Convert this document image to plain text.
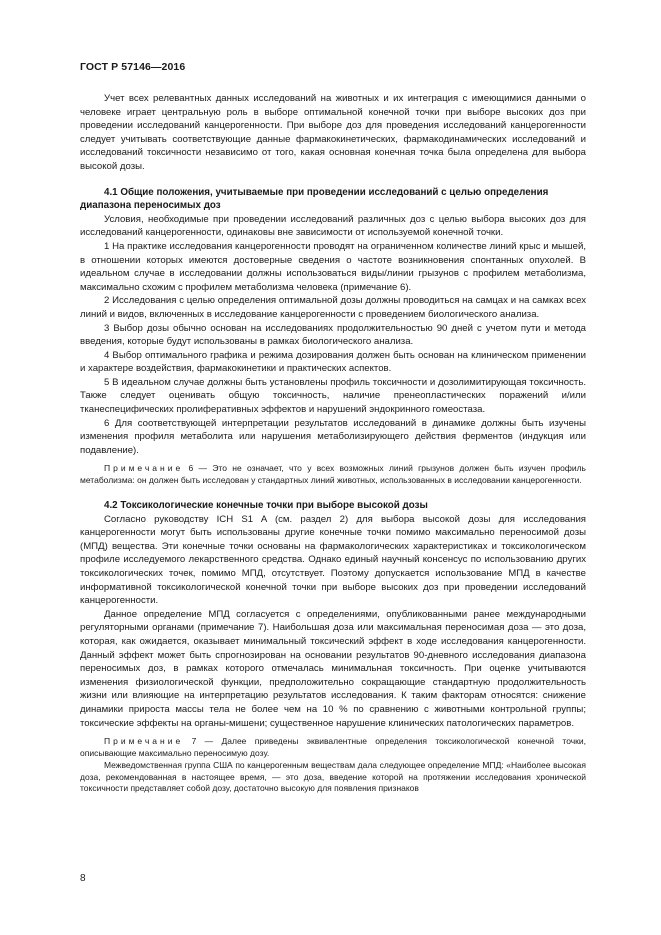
ГОСТ Р 57146—2016

Учет всех релевантных данных исследований на животных и их интеграция с имеющимися данными о человеке играет центральную роль в выборе оптимальной конечной точки при выборе высоких доз при проведении исследований канцерогенности. При выборе доз для проведения исследований канцерогенности следует учитывать соответствующие данные фармакокинетических, фармакодинамических исследований и исследований токсичности независимо от того, какая основная конечная точка была определена для выбора высокой дозы.

4.1 Общие положения, учитываемые при проведении исследований с целью определения диапазона переносимых доз

Условия, необходимые при проведении исследований различных доз с целью выбора высоких доз для исследований канцерогенности, одинаковы вне зависимости от используемой конечной точки.

1 На практике исследования канцерогенности проводят на ограниченном количестве линий крыс и мышей, в отношении которых имеются достоверные сведения о частоте возникновения спонтанных опухолей. В идеальном случае в исследовании должны использоваться виды/линии грызунов с профилем метаболизма, максимально схожим с профилем метаболизма человека (примечание 6).

2 Исследования с целью определения оптимальной дозы должны проводиться на самцах и на самках всех линий и видов, включенных в исследование канцерогенности с проведением биологического анализа.

3 Выбор дозы обычно основан на исследованиях продолжительностью 90 дней с учетом пути и метода введения, которые будут использованы в рамках биологического анализа.

4 Выбор оптимального графика и режима дозирования должен быть основан на клиническом применении и характере воздействия, фармакокинетики и практических аспектов.

5 В идеальном случае должны быть установлены профиль токсичности и дозолимитирующая токсичность. Также следует оценивать общую токсичность, наличие пренеопластических поражений и/или тканеспецифических пролиферативных эффектов и нарушений эндокринного гомеостаза.

6 Для соответствующей интерпретации результатов исследований в динамике должны быть изучены изменения профиля метаболита или нарушения метаболизирующего действия ферментов (индукция или подавление).

Примечание 6 — Это не означает, что у всех возможных линий грызунов должен быть изучен профиль метаболизма: он должен быть исследован у стандартных линий животных, использованных в исследовании канцерогенности.

4.2 Токсикологические конечные точки при выборе высокой дозы

Согласно руководству ICH S1 A (см. раздел 2) для выбора высокой дозы для исследования канцерогенности могут быть использованы другие конечные точки помимо максимально переносимой дозы (МПД) вещества. Эти конечные точки основаны на фармакологических характеристиках и токсикологическом профиле исследуемого лекарственного средства. Однако единый научный консенсус по использованию других токсикологических точек, помимо МПД, отсутствует. Поэтому допускается использование МПД в качестве информативной токсикологической конечной точки при выборе высоких доз при проведении исследований канцерогенности.

Данное определение МПД согласуется с определениями, опубликованными ранее международными регуляторными органами (примечание 7). Наибольшая доза или максимальная переносимая доза — это доза, которая, как ожидается, оказывает минимальный токсический эффект в ходе исследования канцерогенности. Данный эффект может быть спрогнозирован на основании результатов 90-дневного исследования диапазона переносимых доз, в рамках которого отмечалась минимальная токсичность. При оценке учитываются изменения физиологической функции, предположительно сокращающие стандартную продолжительность жизни или влияющие на интерпретацию результатов исследования. К таким факторам относятся: снижение динамики прироста массы тела не более чем на 10 % по сравнению с животными контрольной группы; токсические эффекты на органы-мишени; существенное нарушение клинических патологических параметров.

Примечание 7 — Далее приведены эквивалентные определения токсикологической конечной точки, описывающие максимально переносимую дозу.

Межведомственная группа США по канцерогенным веществам дала следующее определение МПД: «Наиболее высокая доза, рекомендованная в настоящее время, — это доза, введение которой на протяжении исследования хронической токсичности представляет собой дозу, достаточно высокую для появления признаков

8
